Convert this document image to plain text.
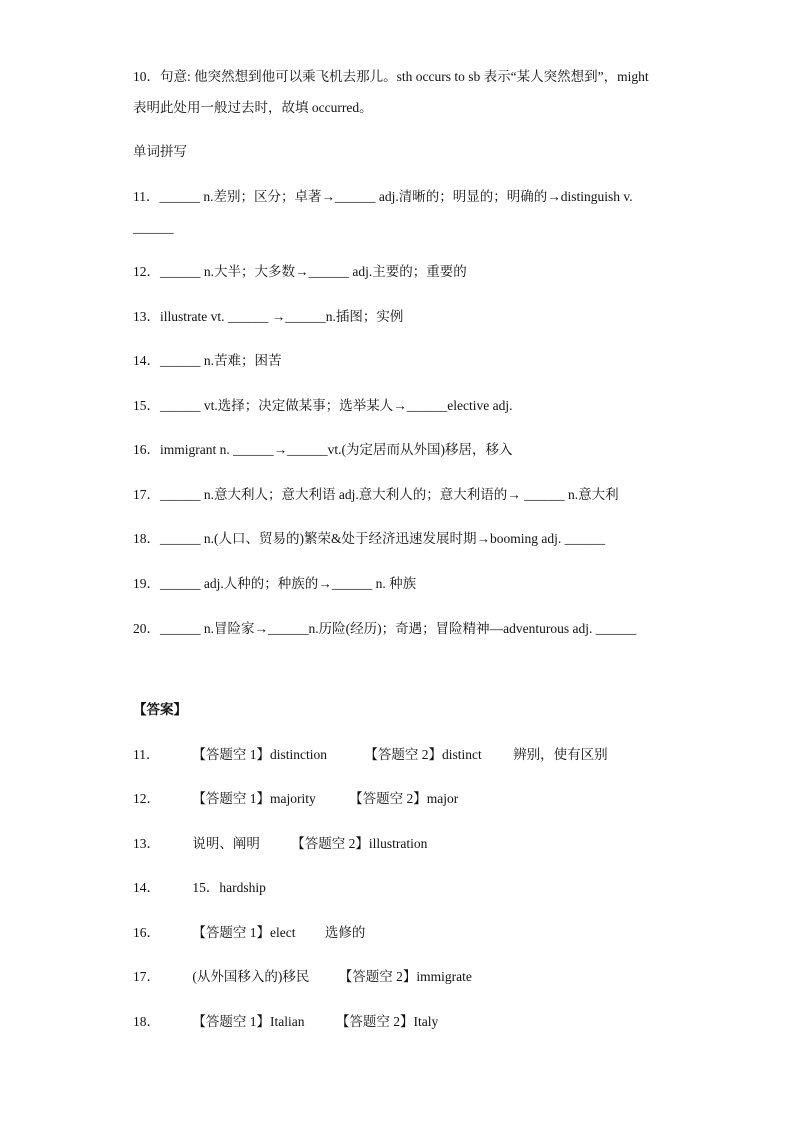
10．句意: 他突然想到他可以乘飞机去那儿。sth occurs to sb 表示“某人突然想到”，might
表明此处用一般过去时，故填 occurred。
单词拼写
11．______ n.差别；区分；卓著→______ adj.清晰的；明显的；明确的→distinguish v.
______
12．______ n.大半；大多数→______ adj.主要的；重要的
13．illustrate vt. ______ →______n.插图；实例
14．______ n.苦难；困苦
15．______ vt.选择；决定做某事；选举某人→______elective adj.
16．immigrant n. ______→______vt.(为定居而从外国)移居，移入
17．______ n.意大利人；意大利语 adj.意大利人的；意大利语的→ ______ n.意大利
18．______ n.(人口、贸易的)繁荣&处于经济迅速发展时期→booming adj. ______
19．______ adj.人种的；种族的→______ n. 种族
20．______ n.冒险家→______n.历险(经历)；奇遇；冒险精神—adventurous adj. ______
【答案】
11． 【答题空 1】distinction	【答题空 2】distinct 辨别，使有区别
12． 【答题空 1】majority 【答题空 2】major
13． 说明、阐明 【答题空 2】illustration
14． 15．hardship
16． 【答题空 1】elect 选修的
17． (从外国移入的)移民 【答题空 2】immigrate
18． 【答题空 1】Italian 【答题空 2】Italy
